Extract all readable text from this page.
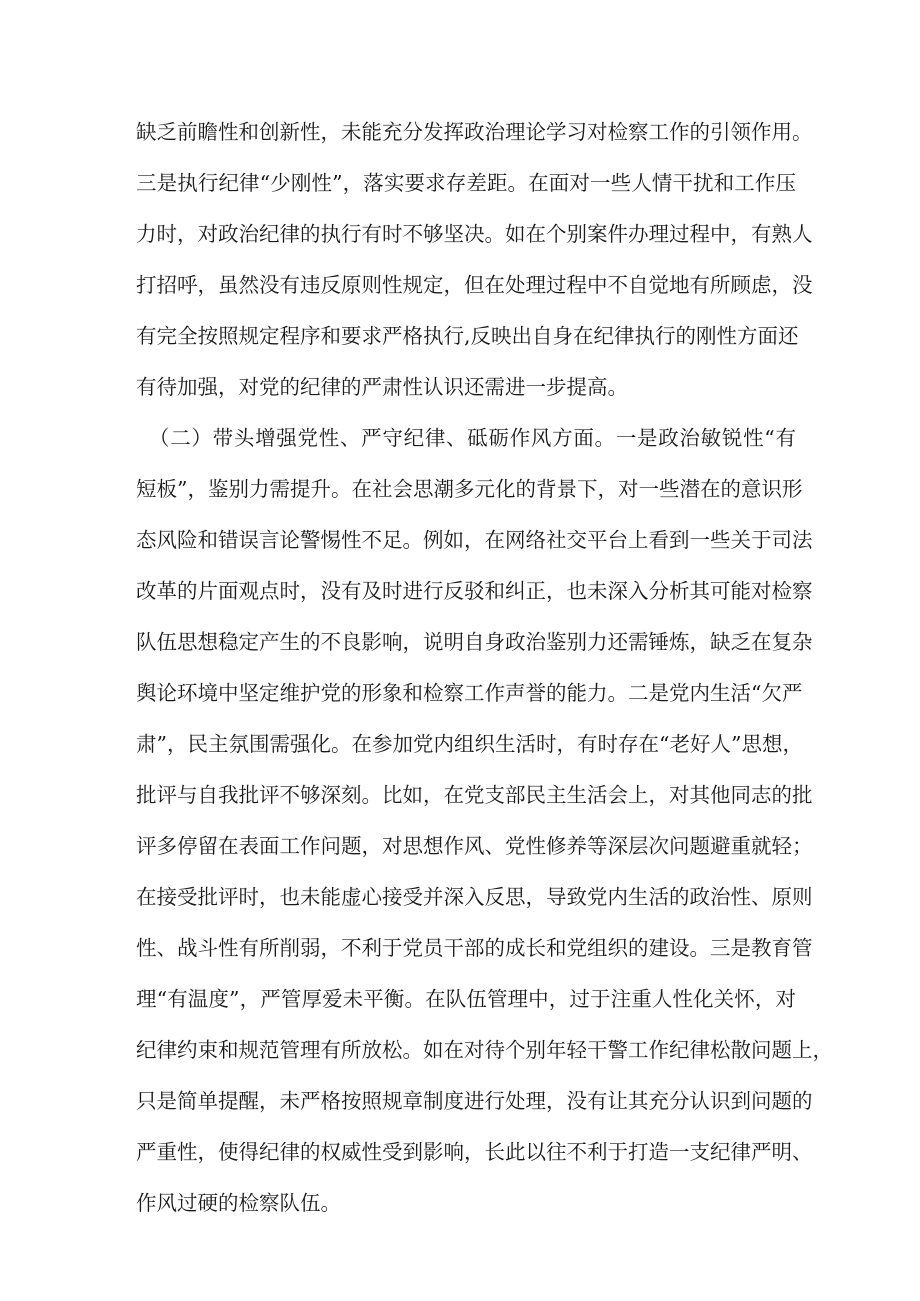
缺乏前瞻性和创新性，未能充分发挥政治理论学习对检察工作的引领作用。
三是执行纪律“少刚性”，落实要求存差距。在面对一些人情干扰和工作压
力时，对政治纪律的执行有时不够坚决。如在个别案件办理过程中，有熟人
打招呼，虽然没有违反原则性规定，但在处理过程中不自觉地有所顾虑，没
有完全按照规定程序和要求严格执行,反映出自身在纪律执行的刚性方面还
有待加强，对党的纪律的严肃性认识还需进一步提高。
（二）带头增强党性、严守纪律、砥砺作风方面。一是政治敏锐性“有
短板”，鉴别力需提升。在社会思潮多元化的背景下，对一些潜在的意识形
态风险和错误言论警惕性不足。例如，在网络社交平台上看到一些关于司法
改革的片面观点时，没有及时进行反驳和纠正，也未深入分析其可能对检察
队伍思想稳定产生的不良影响，说明自身政治鉴别力还需锤炼，缺乏在复杂
舆论环境中坚定维护党的形象和检察工作声誉的能力。二是党内生活“欠严
肃”，民主氛围需强化。在参加党内组织生活时，有时存在“老好人”思想，
批评与自我批评不够深刻。比如，在党支部民主生活会上，对其他同志的批
评多停留在表面工作问题，对思想作风、党性修养等深层次问题避重就轻；
在接受批评时，也未能虚心接受并深入反思，导致党内生活的政治性、原则
性、战斗性有所削弱，不利于党员干部的成长和党组织的建设。三是教育管
理“有温度”，严管厚爱未平衡。在队伍管理中，过于注重人性化关怀，对
纪律约束和规范管理有所放松。如在对待个别年轻干警工作纪律松散问题上，
只是简单提醒，未严格按照规章制度进行处理，没有让其充分认识到问题的
严重性，使得纪律的权威性受到影响，长此以往不利于打造一支纪律严明、
作风过硬的检察队伍。
